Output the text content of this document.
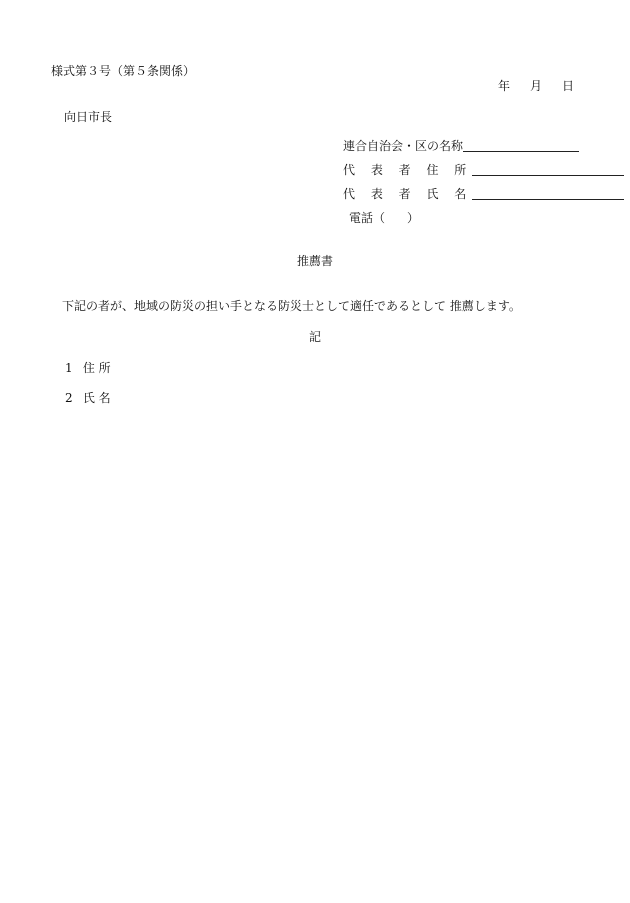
様式第３号（第５条関係）
年 月 日
向日市長
連合自治会・区の名称
代 表 者 住 所
代 表 者 氏 名
電話（ ）
推薦書
下記の者が、地域の防災の担い手となる防災士として適任であるとして 推薦します。
記
1 住 所
2 氏 名
